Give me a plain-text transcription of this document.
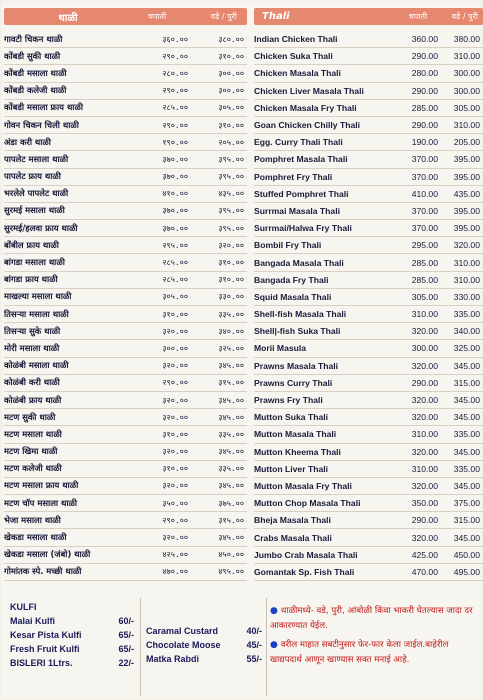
थाळी	चपाती	वडे / पुरी
गावटी चिकन थाळी	३६०.००	३८०.००
कोंबडी सुकी थाळी	२९०.००	३१०.००
कोंबडी मसाला थाळी	२८०.००	३००.००
कोंबडी कलेजी थाळी	२९०.००	३००.००
कोंबडी मसाला फ्राय थाळी	२८५.००	३०५.००
गोवन चिकन चिली थाळी	२९०.००	३१०.००
अंडा करी थाळी	१९०.००	२०५.००
पापलेट मसाला थाळी	३७०.००	३९५.००
पापलेट फ्राय थाळी	३७०.००	३९५.००
भरलेले पापलेट थाळी	४१०.००	४३५.००
सुरमई मसाला थाळी	३७०.००	३९५.००
सुरमई/हलवा फ्राय थाळी	३७०.००	३९५.००
बोंबील फ्राय थाळी	२९५.००	३२०.००
बांगडा मसाला थाळी	२८५.००	३१०.००
बांगडा फ्राय थाळी	२८५.००	३१०.००
माखल्या मसाला थाळी	३०५.००	३३०.००
तिसऱ्या मसाला थाळी	३१०.००	३३५.००
तिसऱ्या सुके थाळी	३२०.००	३४०.००
मोरी मसाला थाळी	३००.००	३२५.००
कोळंबी मसाला थाळी	३२०.००	३४५.००
कोळंबी करी थाळी	२९०.००	३१५.००
कोळंबी फ्राय थाळी	३२०.००	३४५.००
मटण सुकी थाळी	३२०.००	३४५.००
मटण मसाला थाळी	३१०.००	३३५.००
मटण खिमा थाळी	३२०.००	३४५.००
मटण कलेजी थाळी	३१०.००	३३५.००
मटण मसाला फ्राय थाळी	३२०.००	३४५.००
मटण चॉप मसाला थाळी	३५०.००	३७५.००
भेजा मसाला थाळी	२९०.००	३१५.००
खेकडा मसाला थाळी	३२०.००	३४५.००
खेकडा मसाला (जंबो) थाळी	४२५.००	४५०.००
गोमांतक स्पे. मच्छी थाळी	४७०.००	४९५.००
Thali	चपाती	वडे / पुरी
Indian Chicken Thali	360.00	380.00
Chicken Suka Thali	290.00	310.00
Chicken Masala Thali	280.00	300.00
Chicken Liver Masala Thali	290.00	300.00
Chicken Masala Fry Thali	285.00	305.00
Goan Chicken Chilly Thali	290.00	310.00
Egg. Curry Thali Thali	190.00	205.00
Pomphret Masala Thali	370.00	395.00
Pomphret Fry Thali	370.00	395.00
Stuffed Pomphret Thali	410.00	435.00
Surrmai Masala Thali	370.00	395.00
Surrmai/Halwa Fry Thali	370.00	395.00
Bombil Fry Thali	295.00	320.00
Bangada Masala Thali	285.00	310.00
Bangada Fry Thali	285.00	310.00
Squid Masala Thali	305.00	330.00
Shell-fish Masala Thali	310.00	335.00
Shell|-fish Suka Thali	320.00	340.00
Morii Masula	300.00	325.00
Prawns Masala Thali	320.00	345.00
Prawns Curry Thali	290.00	315.00
Prawns Fry Thali	320.00	345.00
Mutton Suka Thali	320.00	345.00
Mutton Masala Thali	310.00	335.00
Mutton Kheema Thali	320.00	345.00
Mutton Liver Thali	310.00	335.00
Mutton Masala Fry Thali	320.00	345.00
Mutton Chop Masala Thali	350.00	375.00
Bheja Masala Thali	290.00	315.00
Crabs Masala Thali	320.00	345.00
Jumbo Crab Masala Thali	425.00	450.00
Gomantak Sp. Fish Thali	470.00	495.00
KULFI
Malai Kulfi	60/-
Kesar Pista Kulfi	65/-
Fresh Fruit Kulfi	65/-
BISLERI 1Ltrs.	22/-
Caramal Custard	40/-
Chocolate Moose	45/-
Matka Rabdi	55/-
● थाळीमध्ये- वडे, पुरी, आंबोळी किंवा भाकरी घेतल्यास जादा दर आकारण्यात येईल.
● वरील माहात सबटीनुसार फेर-फार केला जाईल.बाहेरील खाद्यपदार्थ आणून खाण्यास सक्त मनाई आहे.
